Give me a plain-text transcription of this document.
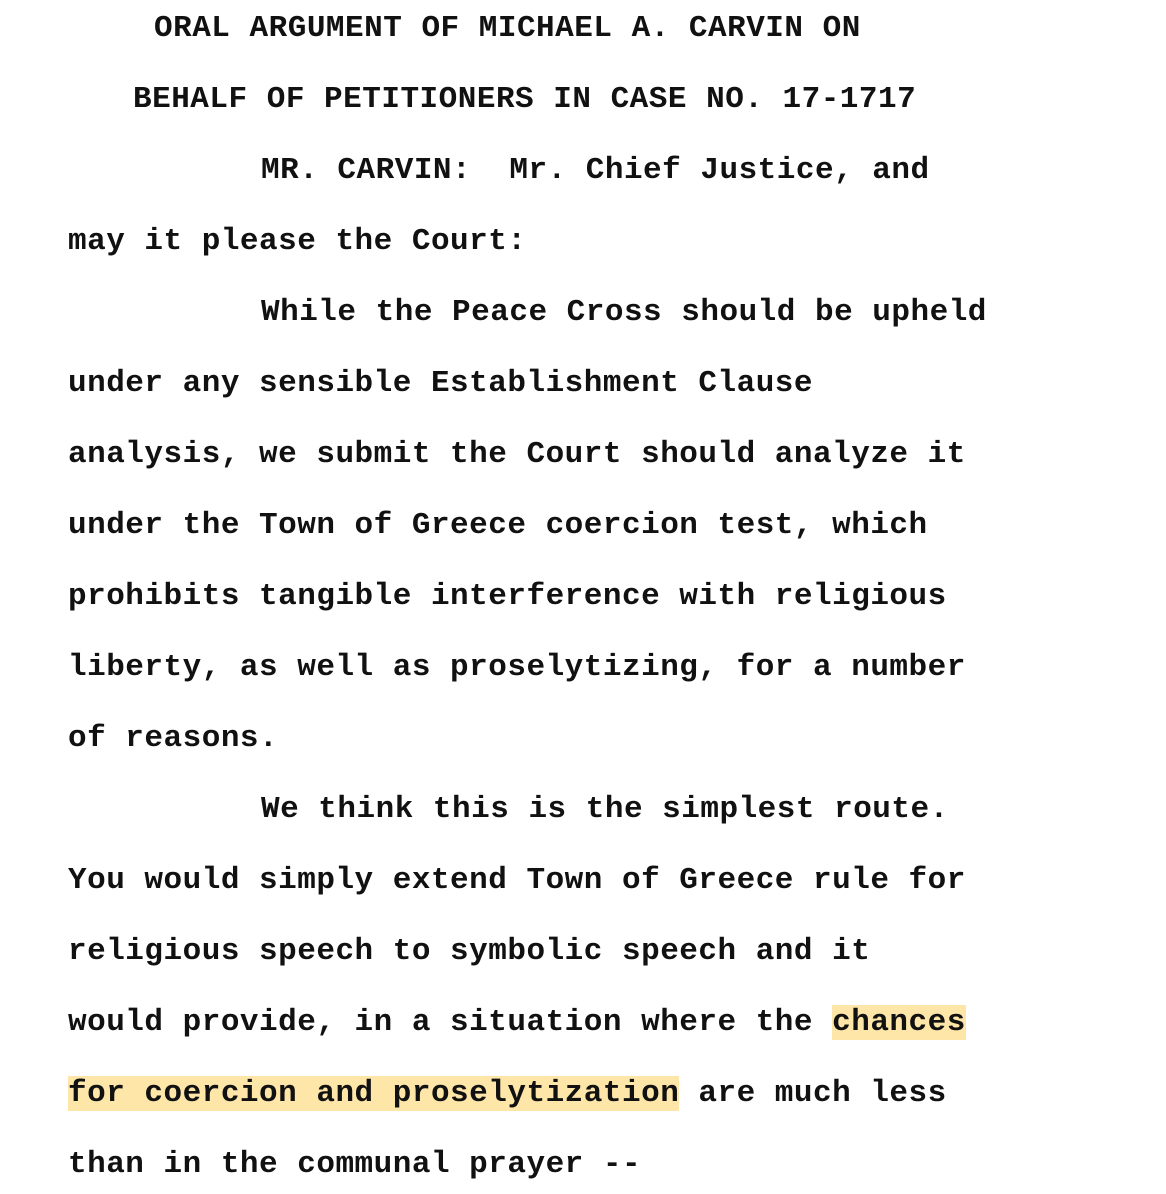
ORAL ARGUMENT OF MICHAEL A. CARVIN ON
BEHALF OF PETITIONERS IN CASE NO. 17-1717
MR. CARVIN:  Mr. Chief Justice, and
may it please the Court:
While the Peace Cross should be upheld
under any sensible Establishment Clause
analysis, we submit the Court should analyze it
under the Town of Greece coercion test, which
prohibits tangible interference with religious
liberty, as well as proselytizing, for a number
of reasons.
We think this is the simplest route.
You would simply extend Town of Greece rule for
religious speech to symbolic speech and it
would provide, in a situation where the chances
for coercion and proselytization are much less
than in the communal prayer --
